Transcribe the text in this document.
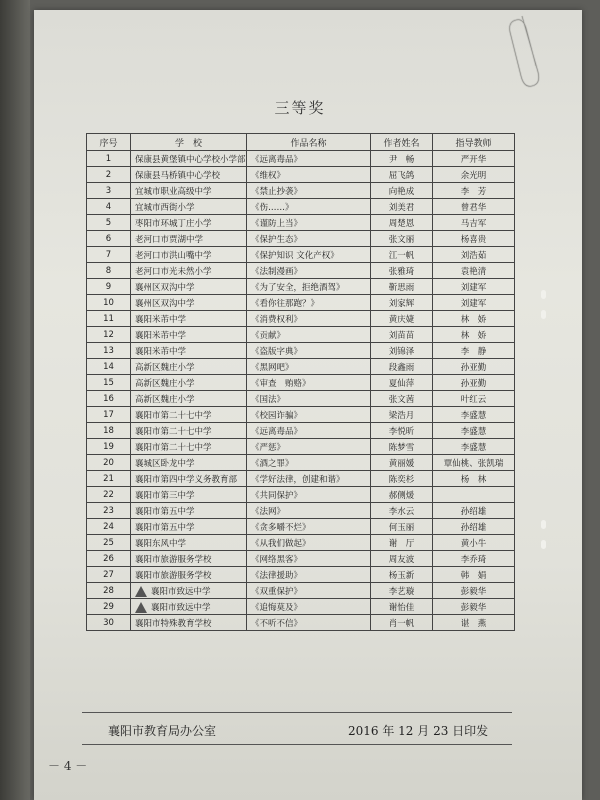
三等奖
序号	学　校	作品名称	作者姓名	指导教师
1	保康县黄堡镇中心学校小学部	《远离毒品》	尹　畅	严开华
2	保康县马桥镇中心学校	《维权》	屈飞鸽	余光明
3	宜城市职业高级中学	《禁止抄袭》	向艳成	李　芳
4	宜城市西街小学	《伤……》	刘美君	曾君华
5	枣阳市环城丁庄小学	《谨防上当》	周楚恩	马吉军
6	老河口市贾湖中学	《保护生态》	张文丽	杨喜贵
7	老河口市洪山嘴中学	《保护知识 文化产权》	江一帆	刘浩茹
8	老河口市光未然小学	《法制漫画》	张雅琦	袁艳清
9	襄州区双沟中学	《为了安全，拒绝酒驾》	靳思雨	刘建军
10	襄州区双沟中学	《看你往那跑？》	刘家辉	刘建军
11	襄阳米芾中学	《消费权利》	黄庆婕	林　娇
12	襄阳米芾中学	《贡献》	刘苗苗	林　娇
13	襄阳米芾中学	《盗版字典》	刘锦泽	李　静
14	高新区魏庄小学	《黑网吧》	段鑫雨	孙亚勤
15	高新区魏庄小学	《审查　贿赂》	夏仙萍	孙亚勤
16	高新区魏庄小学	《国法》	张文茜	叶红云
17	襄阳市第二十七中学	《校园诈骗》	梁浩月	李盛慧
18	襄阳市第二十七中学	《远离毒品》	李悦昕	李盛慧
19	襄阳市第二十七中学	《严惩》	陈梦雪	李盛慧
20	襄城区卧龙中学	《酒之罪》	黄丽媛	覃仙桃、张凯瑞
21	襄阳市第四中学义务教育部	《学好法律，创建和谐》	陈奕杉	杨　林
22	襄阳市第三中学	《共同保护》	郝侧煖	
23	襄阳市第五中学	《法网》	李水云	孙绍雄
24	襄阳市第五中学	《贪多嚼不烂》	何玉丽	孙绍雄
25	襄阳东风中学	《从我们做起》	谢　厅	黄小牛
26	襄阳市旅游服务学校	《网络黑客》	周友波	李乔琦
27	襄阳市旅游服务学校	《法律援助》	杨玉新	韩　娟
28	襄阳市致远中学	《双重保护》	李艺璇	彭毅华
29	襄阳市致远中学	《追悔莫及》	谢怡佳	彭毅华
30	襄阳市特殊教育学校	《不听不信》	肖一帆	谌　燕
襄阳市教育局办公室	2016 年 12 月 23 日印发
－ 4 －
